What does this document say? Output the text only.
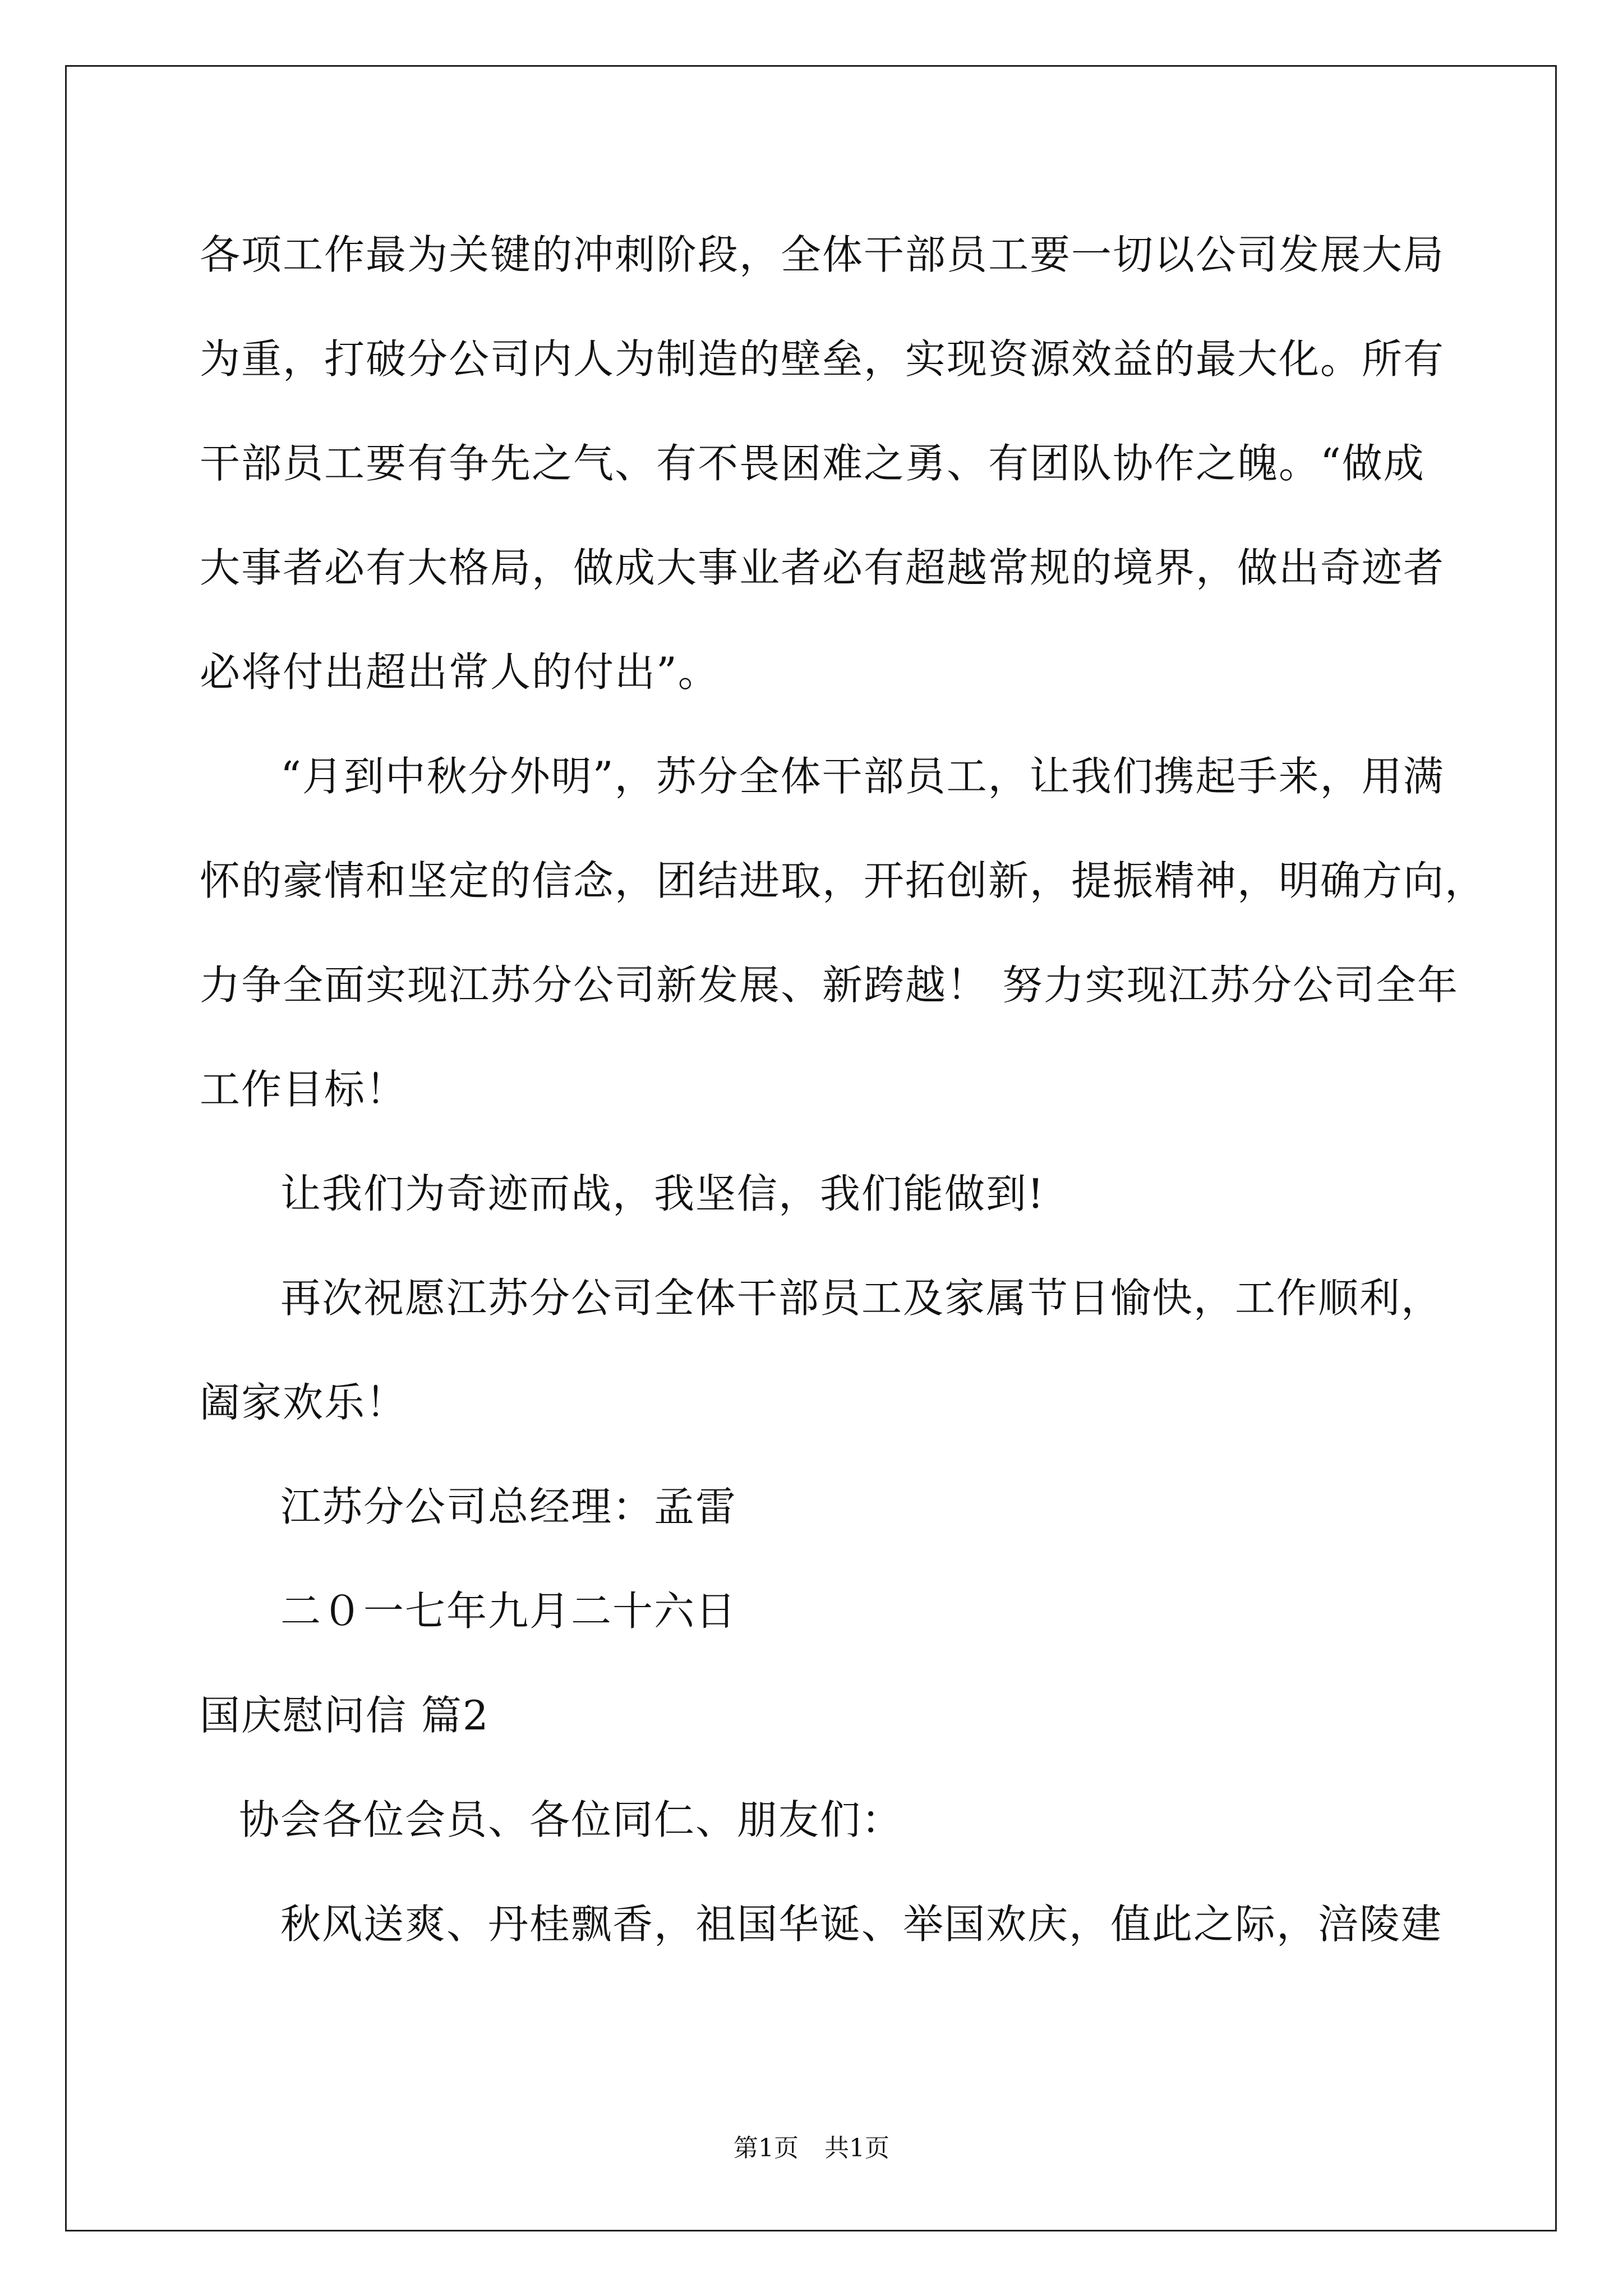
各项工作最为关键的冲刺阶段，全体干部员工要一切以公司发展大局
为重，打破分公司内人为制造的壁垒，实现资源效益的最大化。所有
干部员工要有争先之气、有不畏困难之勇、有团队协作之魄。“做成
大事者必有大格局，做成大事业者必有超越常规的境界，做出奇迹者
必将付出超出常人的付出”。
“月到中秋分外明”，苏分全体干部员工，让我们携起手来，用满
怀的豪情和坚定的信念，团结进取，开拓创新，提振精神，明确方向，
力争全面实现江苏分公司新发展、新跨越！ 努力实现江苏分公司全年
工作目标！
让我们为奇迹而战，我坚信，我们能做到!
再次祝愿江苏分公司全体干部员工及家属节日愉快，工作顺利，
阖家欢乐！
江苏分公司总经理：孟雷
二０一七年九月二十六日
国庆慰问信 篇2
协会各位会员、各位同仁、朋友们：
秋风送爽、丹桂飘香，祖国华诞、举国欢庆，值此之际，涪陵建
第1页 共1页
